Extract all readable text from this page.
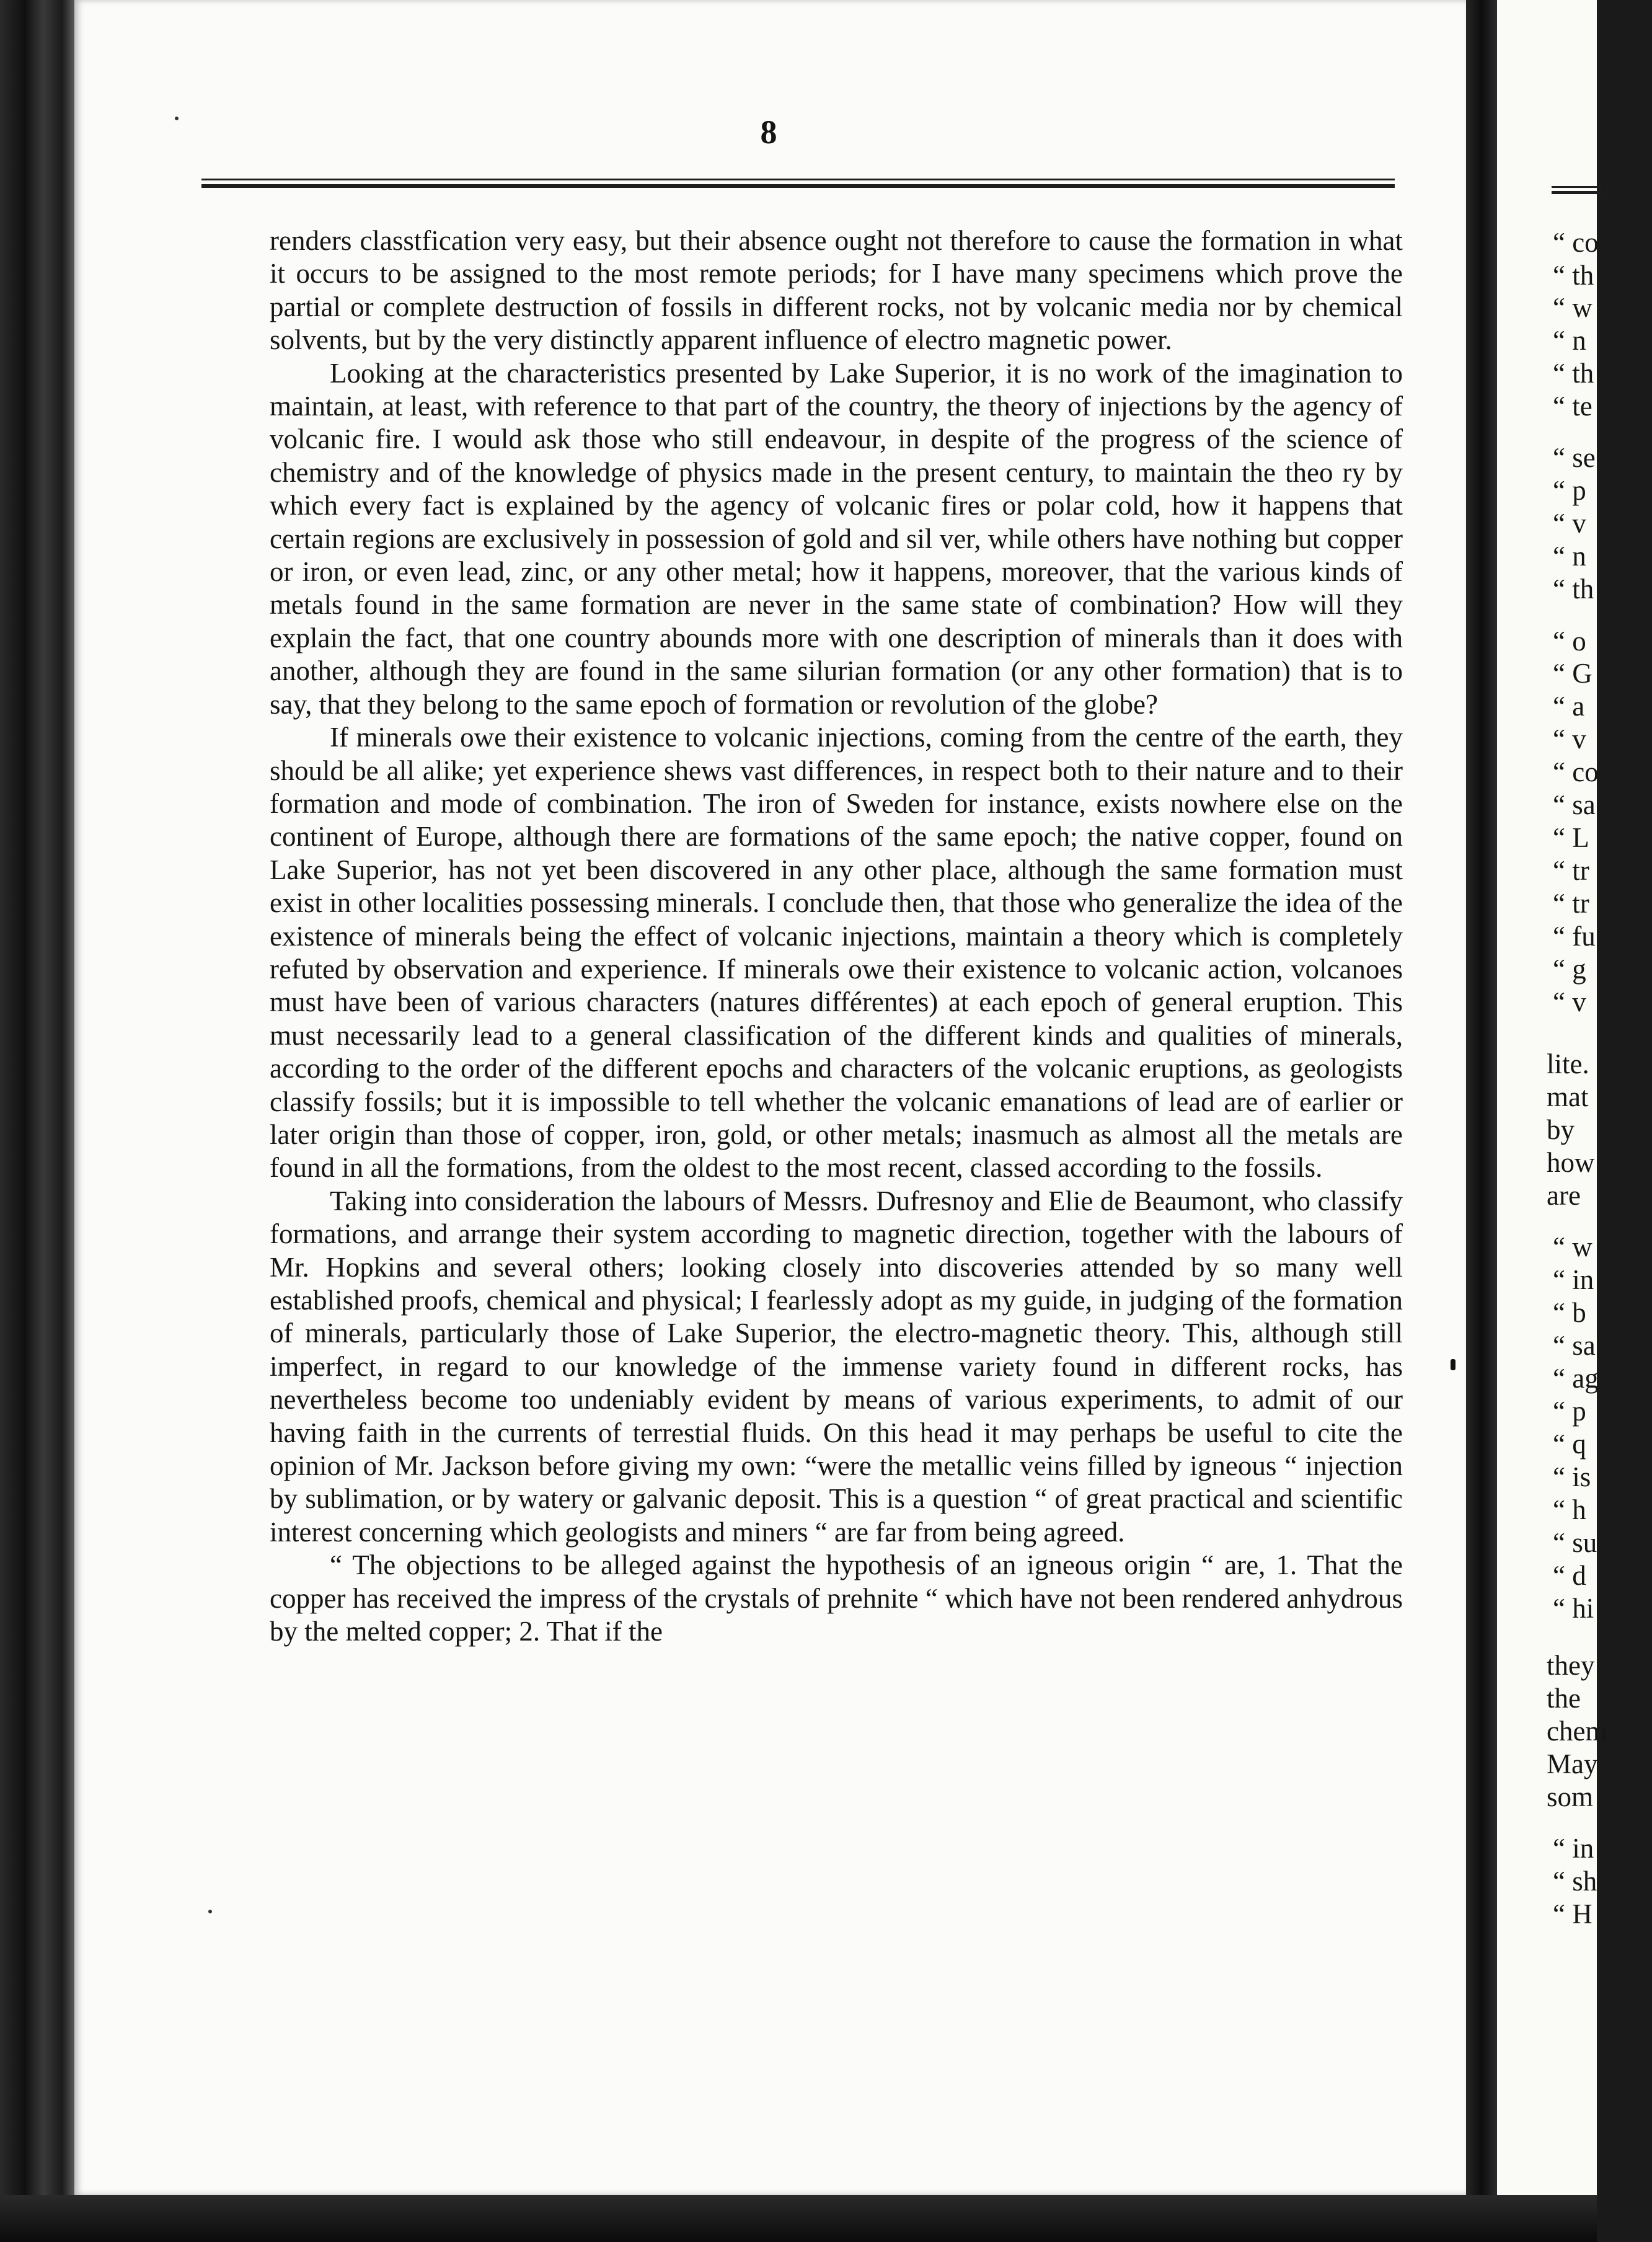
8

renders classtfication very easy, but their absence ought not therefore to cause the formation in what it occurs to be assigned to the most remote periods; for I have many specimens which prove the partial or complete destruction of fossils in different rocks, not by volcanic media nor by chemical solvents, but by the very distinctly apparent influence of electro magnetic power.

Looking at the characteristics presented by Lake Superior, it is no work of the imagination to maintain, at least, with reference to that part of the country, the theory of injections by the agency of volcanic fire. I would ask those who still endeavour, in despite of the progress of the science of chemistry and of the knowledge of physics made in the present century, to maintain the theo ry by which every fact is explained by the agency of volcanic fires or polar cold, how it happens that certain regions are exclusively in possession of gold and sil ver, while others have nothing but copper or iron, or even lead, zinc, or any other metal; how it happens, moreover, that the various kinds of metals found in the same formation are never in the same state of combination? How will they explain the fact, that one country abounds more with one description of minerals than it does with another, although they are found in the same silurian formation (or any other formation) that is to say, that they belong to the same epoch of formation or revolution of the globe?

If minerals owe their existence to volcanic injections, coming from the centre of the earth, they should be all alike; yet experience shews vast differences, in respect both to their nature and to their formation and mode of combination. The iron of Sweden for instance, exists nowhere else on the continent of Europe, although there are formations of the same epoch; the native copper, found on Lake Superior, has not yet been discovered in any other place, although the same formation must exist in other localities possessing minerals. I conclude then, that those who generalize the idea of the existence of minerals being the effect of volcanic injections, maintain a theory which is completely refuted by observation and experience. If minerals owe their existence to volcanic action, volcanoes must have been of various characters (natures différentes) at each epoch of general eruption. This must necessarily lead to a general classification of the different kinds and qualities of minerals, according to the order of the different epochs and characters of the volcanic eruptions, as geologists classify fossils; but it is impossible to tell whether the volcanic emanations of lead are of earlier or later origin than those of copper, iron, gold, or other metals; inasmuch as almost all the metals are found in all the formations, from the oldest to the most recent, classed according to the fossils.

Taking into consideration the labours of Messrs. Dufresnoy and Elie de Beaumont, who classify formations, and arrange their system according to magnetic direction, together with the labours of Mr. Hopkins and several others; looking closely into discoveries attended by so many well established proofs, chemical and physical; I fearlessly adopt as my guide, in judging of the formation of minerals, particularly those of Lake Superior, the electro-magnetic theory. This, although still imperfect, in regard to our knowledge of the immense variety found in different rocks, has nevertheless become too undeniably evident by means of various experiments, to admit of our having faith in the currents of terrestial fluids. On this head it may perhaps be useful to cite the opinion of Mr. Jackson before giving my own: “were the metallic veins filled by igneous “ injection by sublimation, or by watery or galvanic deposit. This is a question “ of great practical and scientific interest concerning which geologists and miners “ are far from being agreed.

“ The objections to be alleged against the hypothesis of an igneous origin “ are, 1. That the copper has received the impress of the crystals of prehnite “ which have not been rendered anhydrous by the melted copper; 2. That if the

“ co
“ th
“ w
“ n
“ th
“ te
“ se
“ p
“ v
“ n
“ th
“ o
“ G
“ a
“ v
“ co
“ sa
“ L
“ tr
“ tr
“ fu
“ g
“ v
lite.
mat
by
how
are
“ w
“ in
“ b
“ sa
“ ag
“ p
“ q
“ is
“ h
“ su
“ d
“ hi
they
the
chem
May
som
“ in
“ sh
“ H
